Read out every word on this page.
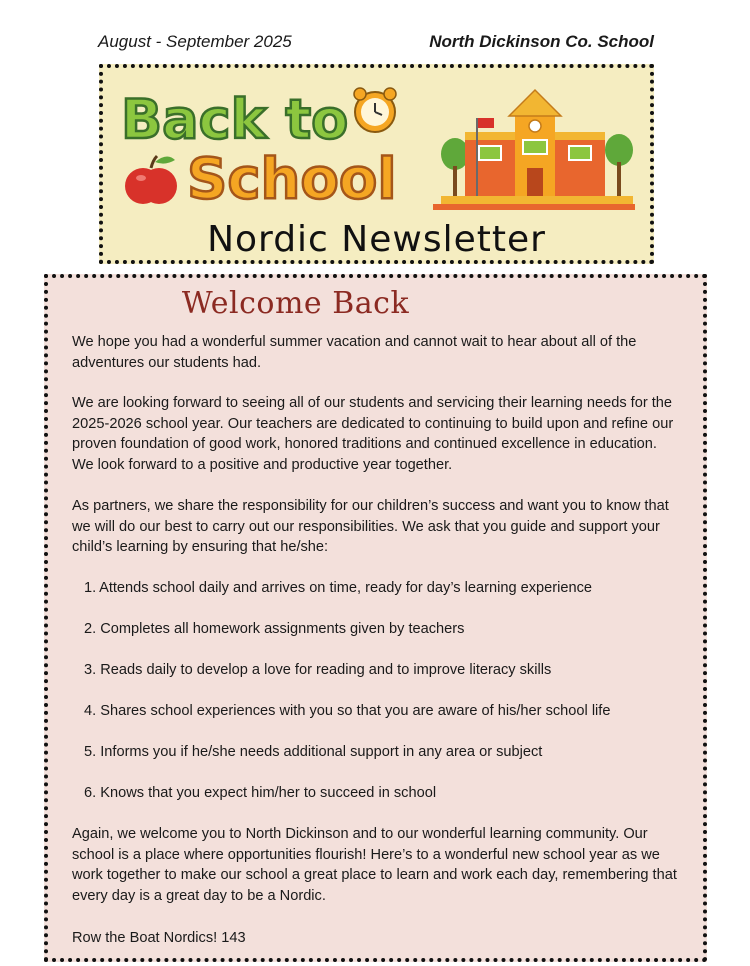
August - September 2025	North Dickinson Co. School
Back to
School
Nordic Newsletter
Welcome Back

We hope you had a wonderful summer vacation and cannot wait to hear about all of the adventures our students had.

We are looking forward to seeing all of our students and servicing their learning needs for the 2025-2026 school year. Our teachers are dedicated to continuing to build upon and refine our proven foundation of good work, honored traditions and continued excellence in education. We look forward to a positive and productive year together.

As partners, we share the responsibility for our children’s success and want you to know that we will do our best to carry out our responsibilities. We ask that you guide and support your child’s learning by ensuring that he/she:

1. Attends school daily and arrives on time, ready for day’s learning experience
2. Completes all homework assignments given by teachers
3. Reads daily to develop a love for reading and to improve literacy skills
4. Shares school experiences with you so that you are aware of his/her school life
5. Informs you if he/she needs additional support in any area or subject
6. Knows that you expect him/her to succeed in school

Again, we welcome you to North Dickinson and to our wonderful learning community. Our school is a place where opportunities flourish! Here’s to a wonderful new school year as we work together to make our school a great place to learn and work each day, remembering that every day is a great day to be a Nordic.

Row the Boat Nordics! 143
